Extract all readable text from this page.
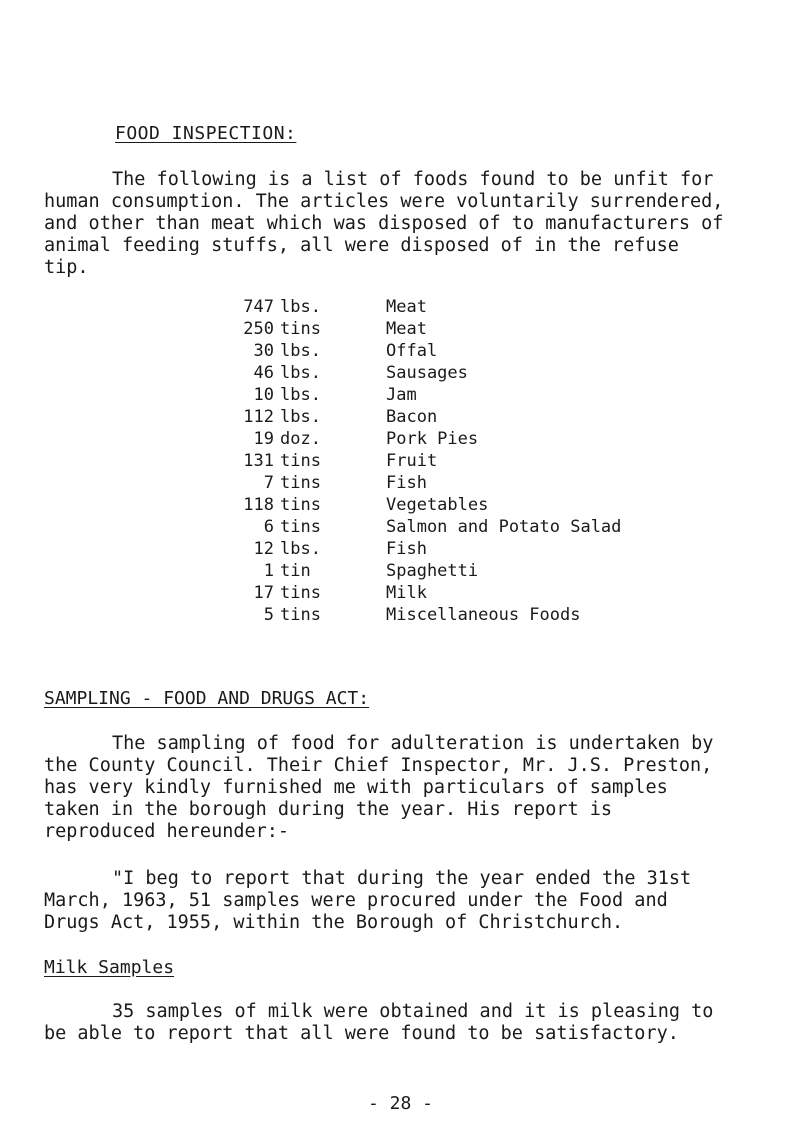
FOOD INSPECTION:
The following is a list of foods found to be unfit for
human consumption. The articles were voluntarily surrendered,
and other than meat which was disposed of to manufacturers of
animal feeding stuffs, all were disposed of in the refuse
tip.
747	lbs.	Meat
250	tins	Meat
30	lbs.	Offal
46	lbs.	Sausages
10	lbs.	Jam
112	lbs.	Bacon
19	doz.	Pork Pies
131	tins	Fruit
7	tins	Fish
118	tins	Vegetables
6	tins	Salmon and Potato Salad
12	lbs.	Fish
1	tin	Spaghetti
17	tins	Milk
5	tins	Miscellaneous Foods
SAMPLING - FOOD AND DRUGS ACT:
The sampling of food for adulteration is undertaken by
the County Council. Their Chief Inspector, Mr. J.S. Preston,
has very kindly furnished me with particulars of samples
taken in the borough during the year. His report is
reproduced hereunder:-
"I beg to report that during the year ended the 31st
March, 1963, 51 samples were procured under the Food and
Drugs Act, 1955, within the Borough of Christchurch.
Milk Samples
35 samples of milk were obtained and it is pleasing to
be able to report that all were found to be satisfactory.
- 28 -
